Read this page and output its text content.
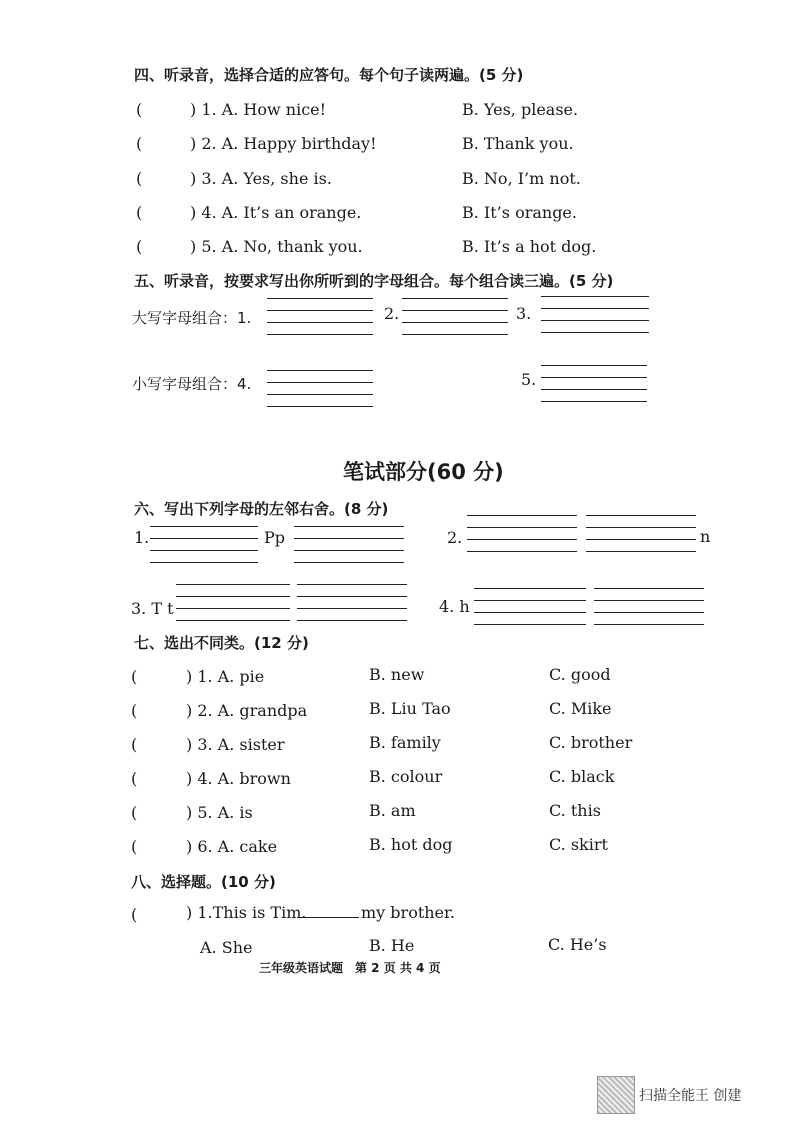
四、听录音，选择合适的应答句。每个句子读两遍。(5 分)
(	) 1. A. How nice!	B. Yes, please.
(	) 2. A. Happy birthday!	B. Thank you.
(	) 3. A. Yes, she is.	B. No, I’m not.
(	) 4. A. It’s an orange.	B. It’s orange.
(	) 5. A. No, thank you.	B. It’s a hot dog.
五、听录音，按要求写出你所听到的字母组合。每个组合读三遍。(5 分)
大写字母组合：1.	2.	3.
小写字母组合：4.	5.
笔试部分(60 分)
六、写出下列字母的左邻右舍。(8 分)
1.	Pp	2.	n
3. T t	4. h
七、选出不同类。(12 分)
(	) 1. A. pie	B. new	C. good
(	) 2. A. grandpa	B. Liu Tao	C. Mike
(	) 3. A. sister	B. family	C. brother
(	) 4. A. brown	B. colour	C. black
(	) 5. A. is	B. am	C. this
(	) 6. A. cake	B. hot dog	C. skirt
八、选择题。(10 分)
(	) 1.This is Tim.	my brother.
A. She	B. He	C. He’s
三年级英语试题　第 2 页 共 4 页
扫描全能王 创建
